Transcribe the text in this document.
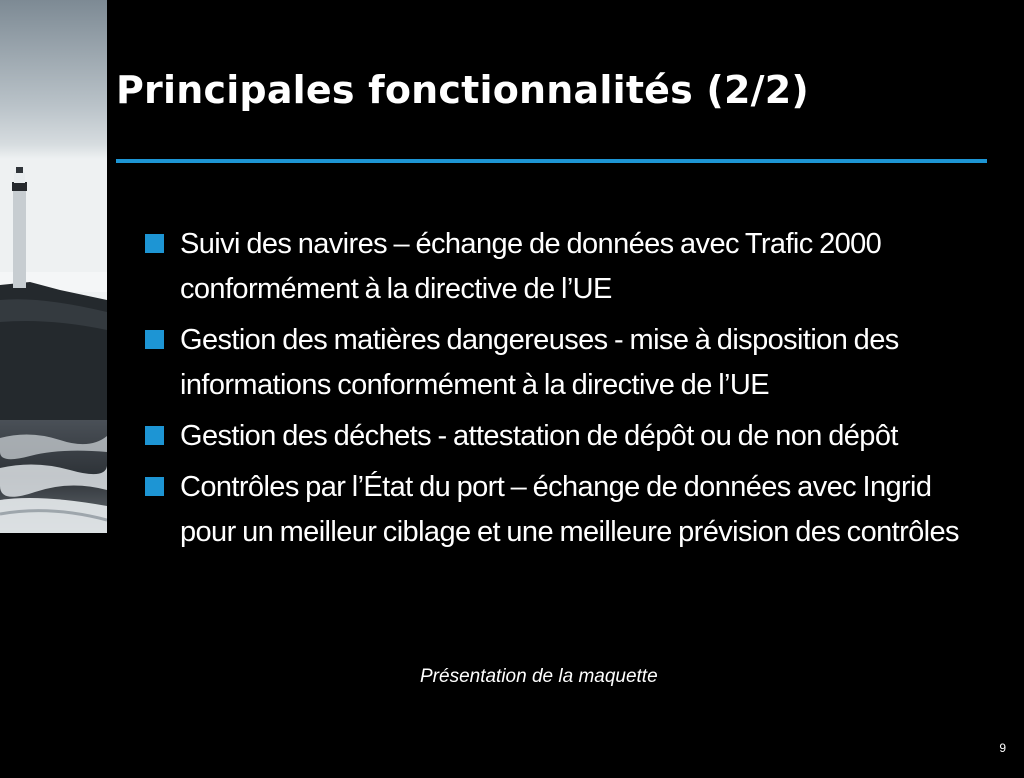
Principales fonctionnalités (2/2)
Suivi des navires – échange de données avec Trafic 2000 conformément à la directive de l’UE
Gestion des matières dangereuses - mise à disposition des informations conformément à la directive de l’UE
Gestion des déchets - attestation de dépôt ou de non dépôt
Contrôles par l’État du port – échange de données avec Ingrid pour un meilleur ciblage et une meilleure prévision des contrôles
Présentation de la maquette
9
